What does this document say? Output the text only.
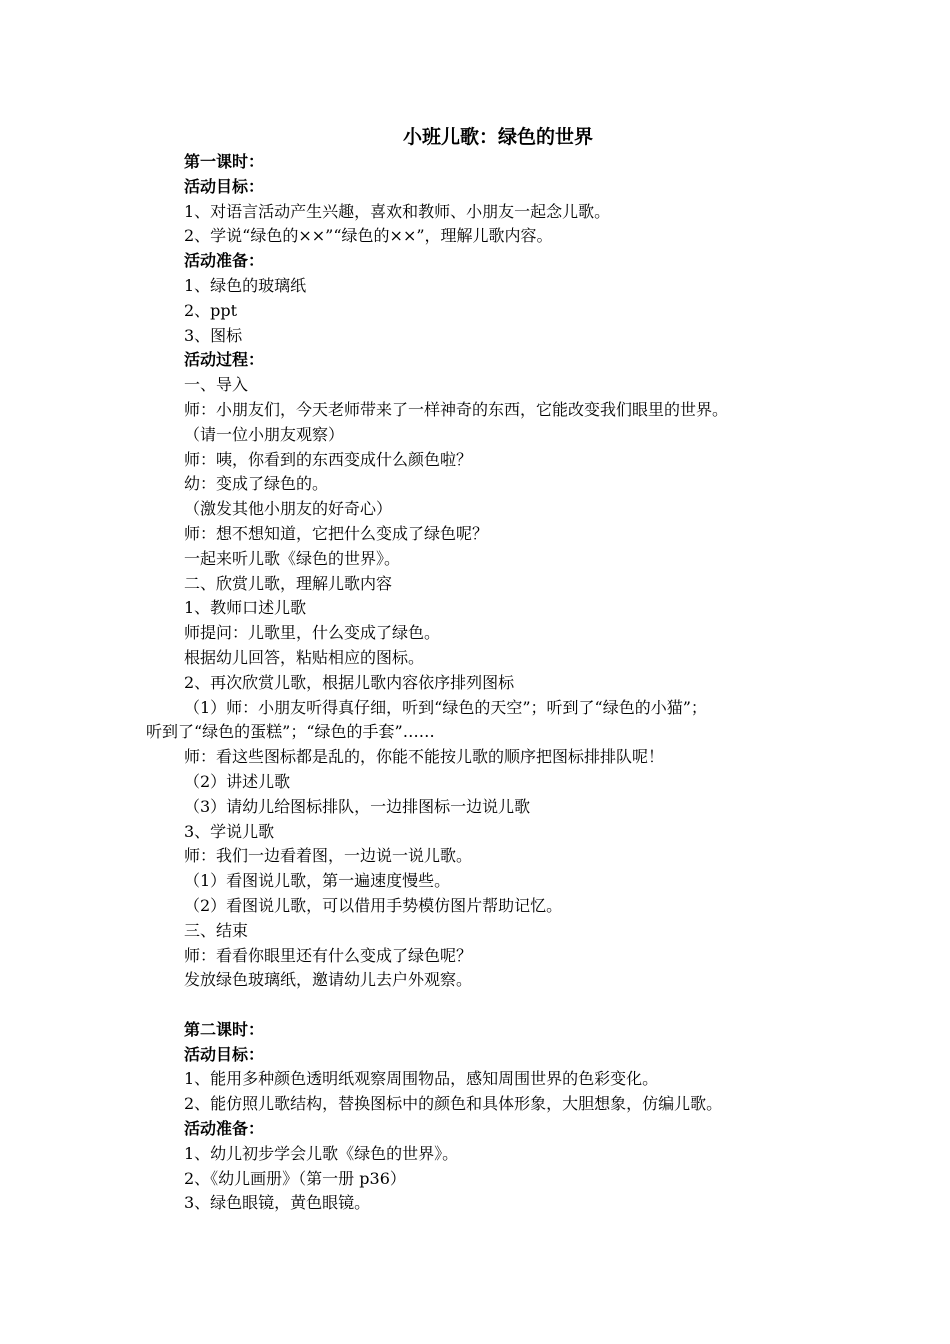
小班儿歌：绿色的世界
第一课时：
活动目标：
1、对语言活动产生兴趣，喜欢和教师、小朋友一起念儿歌。
2、学说“绿色的××”“绿色的××”，理解儿歌内容。
活动准备：
1、绿色的玻璃纸
2、ppt
3、图标
活动过程：
一、导入
师：小朋友们，今天老师带来了一样神奇的东西，它能改变我们眼里的世界。
（请一位小朋友观察）
师：咦，你看到的东西变成什么颜色啦？
幼：变成了绿色的。
（激发其他小朋友的好奇心）
师：想不想知道，它把什么变成了绿色呢？
一起来听儿歌《绿色的世界》。
二、欣赏儿歌，理解儿歌内容
1、教师口述儿歌
师提问：儿歌里，什么变成了绿色。
根据幼儿回答，粘贴相应的图标。
2、再次欣赏儿歌，根据儿歌内容依序排列图标
（1）师：小朋友听得真仔细，听到“绿色的天空”；听到了“绿色的小猫”；
听到了“绿色的蛋糕”；“绿色的手套”……
师：看这些图标都是乱的，你能不能按儿歌的顺序把图标排排队呢！
（2）讲述儿歌
（3）请幼儿给图标排队，一边排图标一边说儿歌
3、学说儿歌
师：我们一边看着图，一边说一说儿歌。
（1）看图说儿歌，第一遍速度慢些。
（2）看图说儿歌，可以借用手势模仿图片帮助记忆。
三、结束
师：看看你眼里还有什么变成了绿色呢？
发放绿色玻璃纸，邀请幼儿去户外观察。
第二课时：
活动目标：
1、能用多种颜色透明纸观察周围物品，感知周围世界的色彩变化。
2、能仿照儿歌结构，替换图标中的颜色和具体形象，大胆想象，仿编儿歌。
活动准备：
1、幼儿初步学会儿歌《绿色的世界》。
2、《幼儿画册》（第一册 p36）
3、绿色眼镜，黄色眼镜。
